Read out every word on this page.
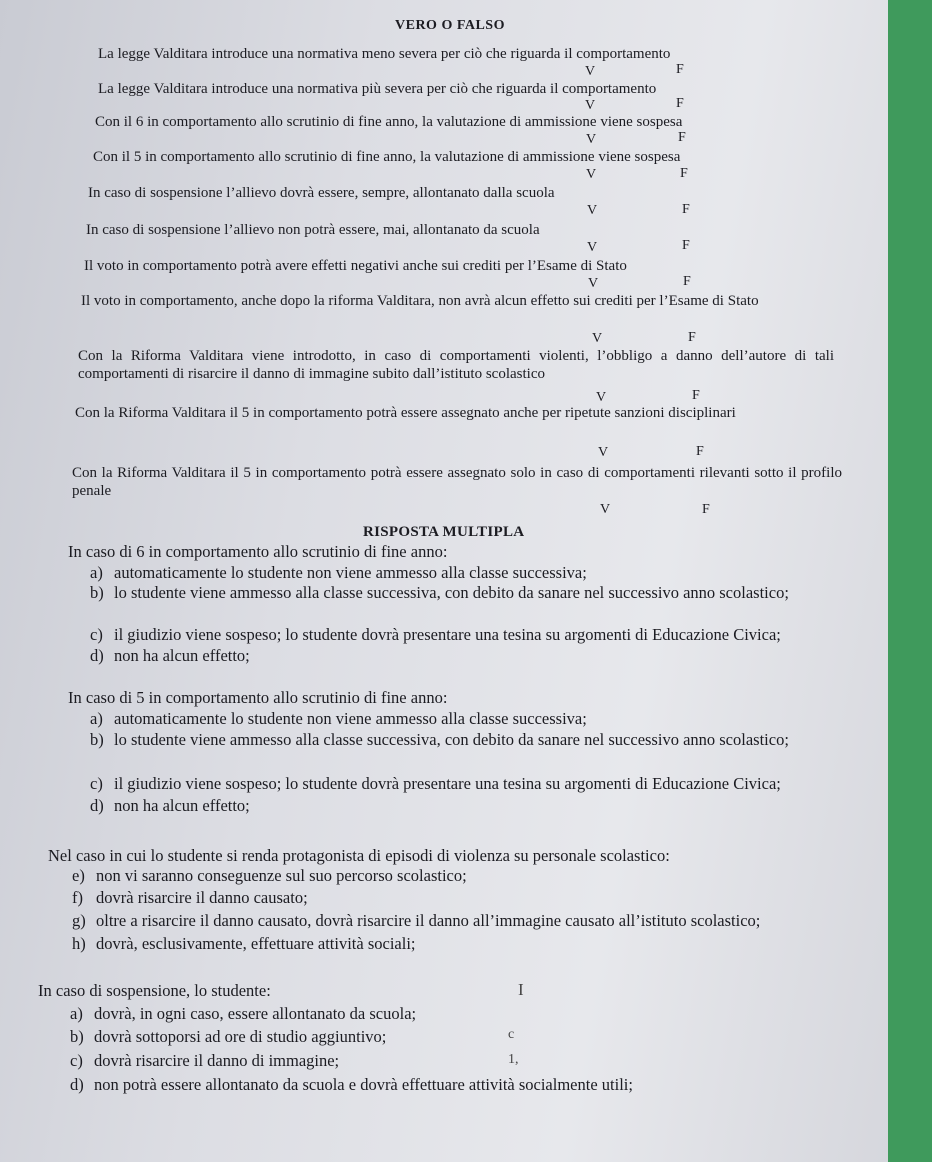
VERO O FALSO
La legge Valditara introduce una normativa meno severa per ciò che riguarda il comportamento
V	F
La legge Valditara introduce una normativa più severa per ciò che riguarda il comportamento
V	F
Con il 6 in comportamento allo scrutinio di fine anno, la valutazione di ammissione viene sospesa
V	F
Con il 5 in comportamento allo scrutinio di fine anno, la valutazione di ammissione viene sospesa
V	F
In caso di sospensione l’allievo dovrà essere, sempre, allontanato dalla scuola
V	F
In caso di sospensione l’allievo non potrà essere, mai, allontanato da scuola
V	F
Il voto in comportamento potrà avere effetti negativi anche sui crediti per l’Esame di Stato
V	F
Il voto in comportamento, anche dopo la riforma Valditara, non avrà alcun effetto sui crediti per l’Esame di Stato
V	F
Con la Riforma Valditara viene introdotto, in caso di comportamenti violenti, l’obbligo a danno dell’autore di tali comportamenti di risarcire il danno di immagine subito dall’istituto scolastico
V	F
Con la Riforma Valditara il 5 in comportamento potrà essere assegnato anche per ripetute sanzioni disciplinari
V	F
Con la Riforma Valditara il 5 in comportamento potrà essere assegnato solo in caso di comportamenti rilevanti sotto il profilo penale
V	F
RISPOSTA MULTIPLA
In caso di 6 in comportamento allo scrutinio di fine anno:
a) automaticamente lo studente non viene ammesso alla classe successiva;
b) lo studente viene ammesso alla classe successiva, con debito da sanare nel successivo anno scolastico;
c) il giudizio viene sospeso; lo studente dovrà presentare una tesina su argomenti di Educazione Civica;
d) non ha alcun effetto;
In caso di 5 in comportamento allo scrutinio di fine anno:
a) automaticamente lo studente non viene ammesso alla classe successiva;
b) lo studente viene ammesso alla classe successiva, con debito da sanare nel successivo anno scolastico;
c) il giudizio viene sospeso; lo studente dovrà presentare una tesina su argomenti di Educazione Civica;
d) non ha alcun effetto;
Nel caso in cui lo studente si renda protagonista di episodi di violenza su personale scolastico:
e) non vi saranno conseguenze sul suo percorso scolastico;
f) dovrà risarcire il danno causato;
g) oltre a risarcire il danno causato, dovrà risarcire il danno all’immagine causato all’istituto scolastico;
h) dovrà, esclusivamente, effettuare attività sociali;
In caso di sospensione, lo studente:
a) dovrà, in ogni caso, essere allontanato da scuola;
b) dovrà sottoporsi ad ore di studio aggiuntivo;
c) dovrà risarcire il danno di immagine;
d) non potrà essere allontanato da scuola e dovrà effettuare attività socialmente utili;
I
c
1,
